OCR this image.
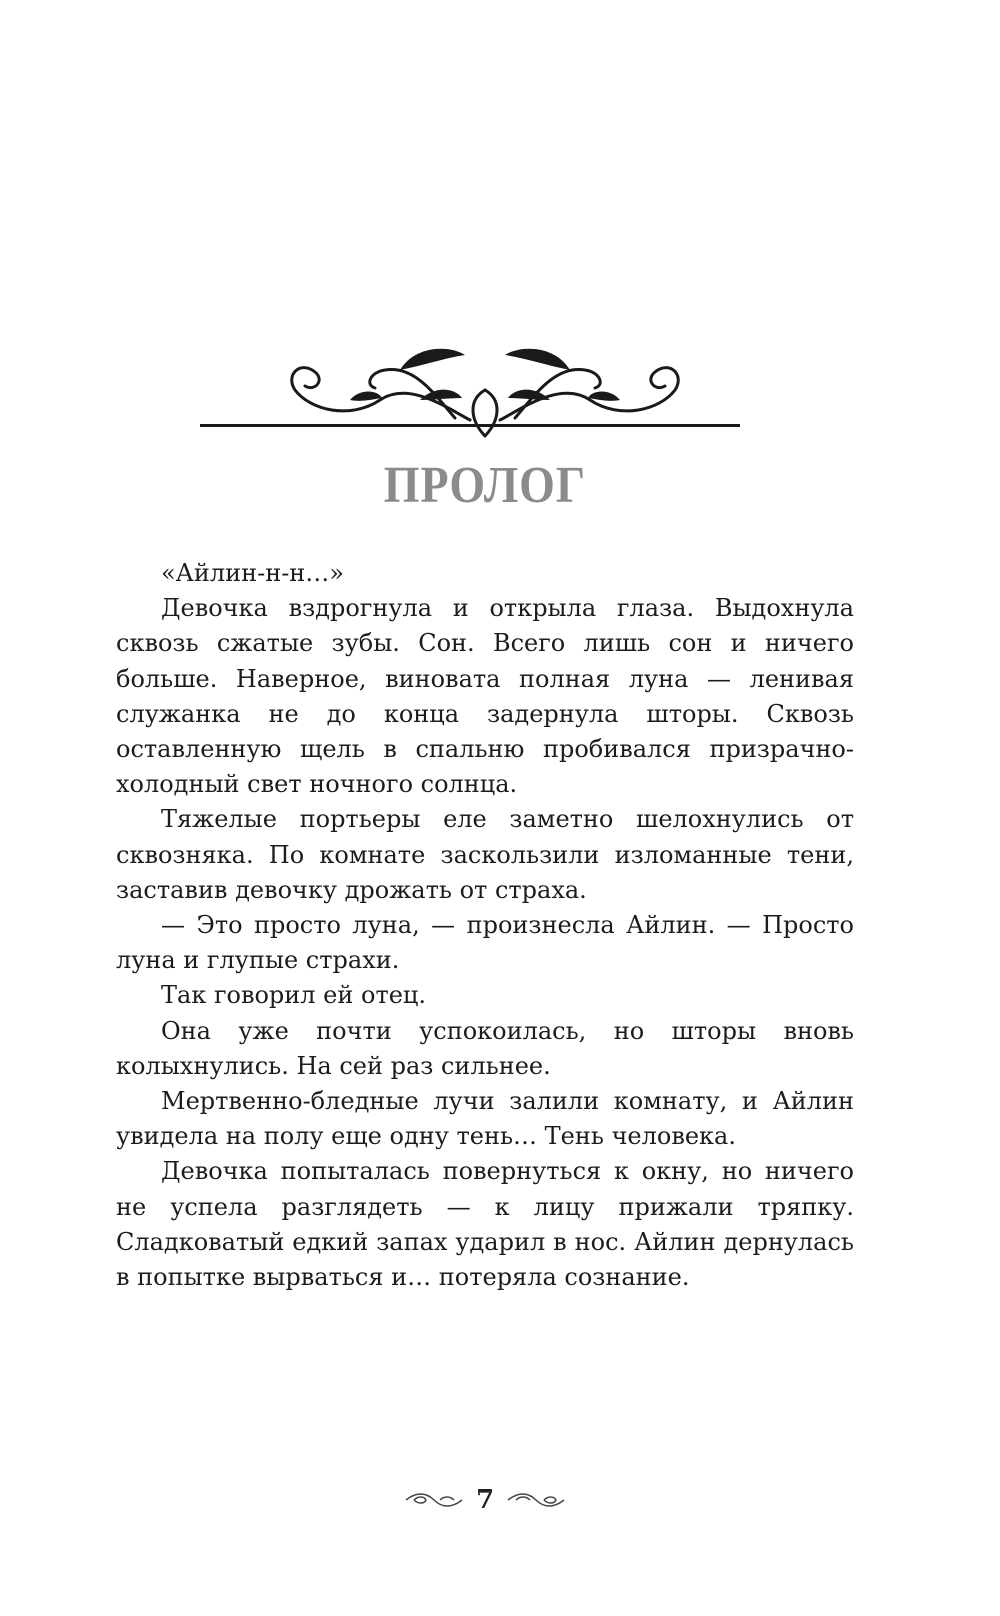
ПРОЛОГ

«Айлин-н-н…»

Девочка вздрогнула и открыла глаза. Выдохнула сквозь сжатые зубы. Сон. Всего лишь сон и ничего больше. Наверное, виновата полная луна — ленивая служанка не до конца задернула шторы. Сквозь оставленную щель в спальню пробивался призрачно-холодный свет ночного солнца.

Тяжелые портьеры еле заметно шелохнулись от сквозняка. По комнате заскользили изломанные тени, заставив девочку дрожать от страха.

— Это просто луна, — произнесла Айлин. — Просто луна и глупые страхи.

Так говорил ей отец.

Она уже почти успокоилась, но шторы вновь колыхнулись. На сей раз сильнее.

Мертвенно-бледные лучи залили комнату, и Айлин увидела на полу еще одну тень… Тень человека.

Девочка попыталась повернуться к окну, но ничего не успела разглядеть — к лицу прижали тряпку. Сладковатый едкий запах ударил в нос. Айлин дернулась в попытке вырваться и… потеряла сознание.

7
